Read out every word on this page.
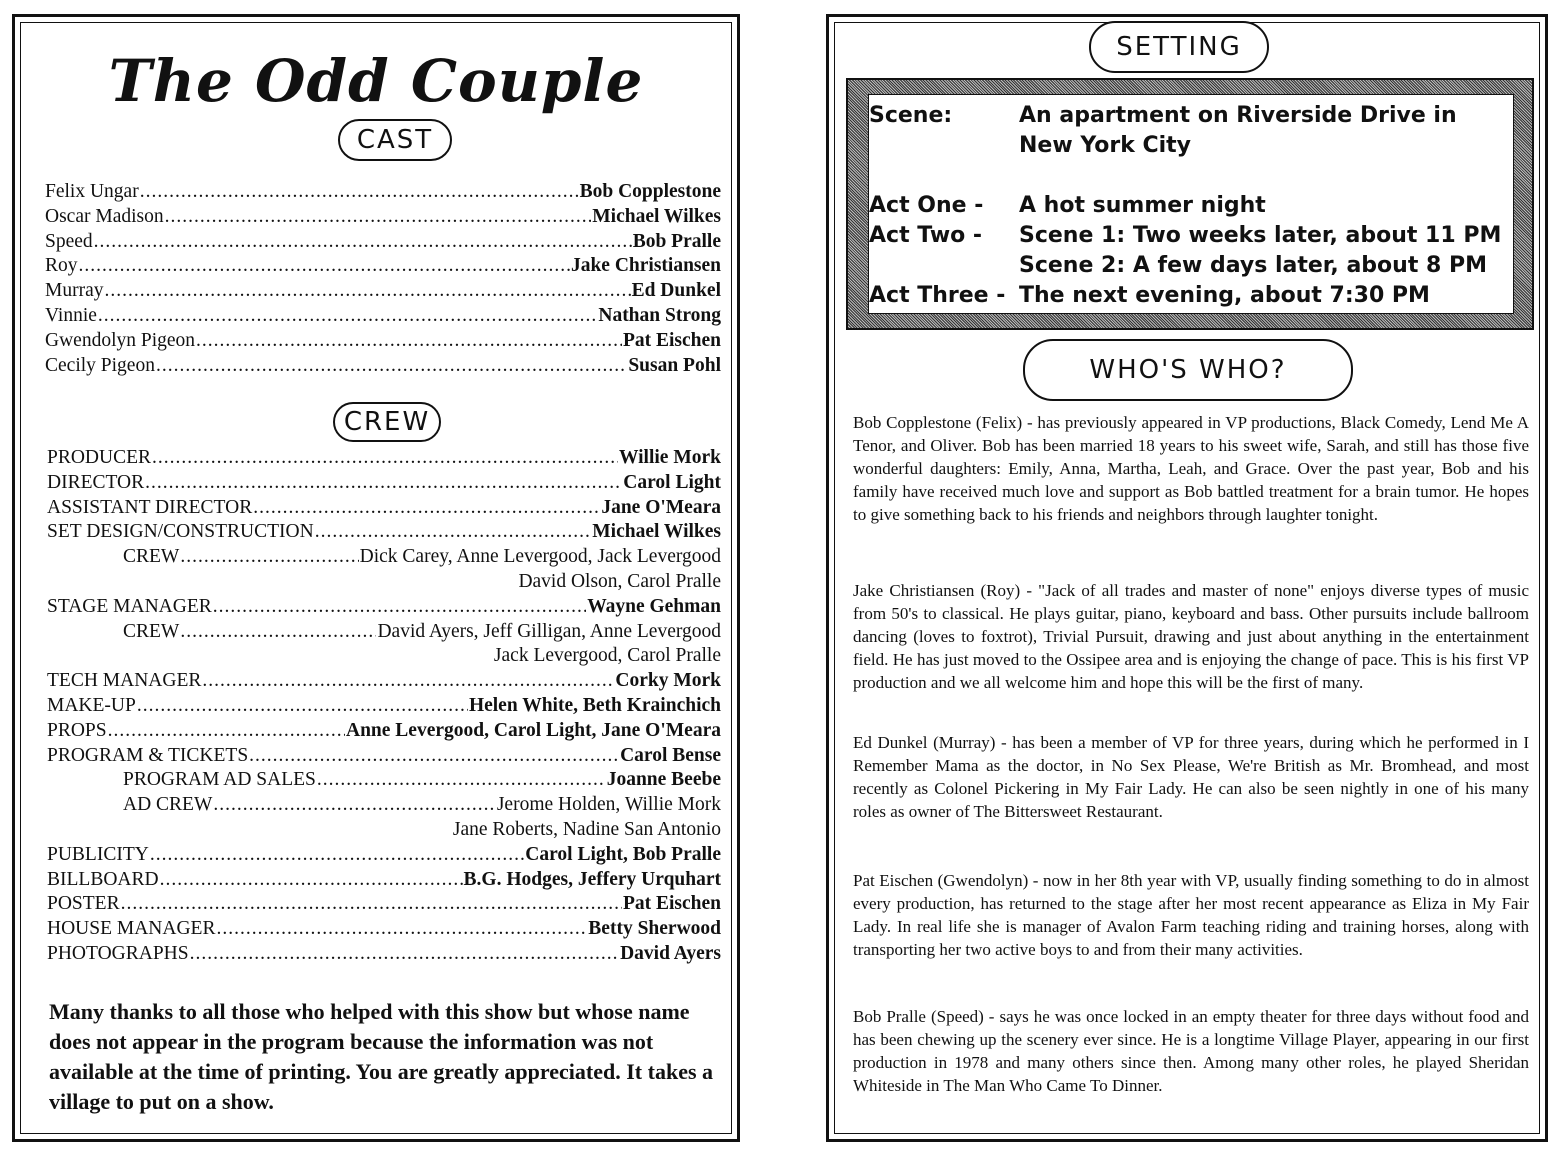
The Odd Couple
CAST
Felix Ungar .....	Bob Copplestone
Oscar Madison .....	Michael Wilkes
Speed .....	Bob Pralle
Roy .....	Jake Christiansen
Murray .....	Ed Dunkel
Vinnie .....	Nathan Strong
Gwendolyn Pigeon .....	Pat Eischen
Cecily Pigeon .....	Susan Pohl
CREW
PRODUCER .....	Willie Mork
DIRECTOR .....	Carol Light
ASSISTANT DIRECTOR .....	Jane O'Meara
SET DESIGN/CONSTRUCTION .....	Michael Wilkes
CREW .....	Dick Carey, Anne Levergood, Jack Levergood
David Olson, Carol Pralle
STAGE MANAGER .....	Wayne Gehman
CREW .....	David Ayers, Jeff Gilligan, Anne Levergood
Jack Levergood, Carol Pralle
TECH MANAGER .....	Corky Mork
MAKE-UP .....	Helen White, Beth Krainchich
PROPS .....	Anne Levergood, Carol Light, Jane O'Meara
PROGRAM & TICKETS .....	Carol Bense
PROGRAM AD SALES .....	Joanne Beebe
AD CREW .....	Jerome Holden, Willie Mork
Jane Roberts, Nadine San Antonio
PUBLICITY .....	Carol Light, Bob Pralle
BILLBOARD .....	B.G. Hodges, Jeffery Urquhart
POSTER .....	Pat Eischen
HOUSE MANAGER .....	Betty Sherwood
PHOTOGRAPHS .....	David Ayers
Many thanks to all those who helped with this show but whose name does not appear in the program because the information was not available at the time of printing. You are greatly appreciated. It takes a village to put on a show.
Scene:	An apartment on Riverside Drive in
New York City
Act One - A hot summer night
Act Two - Scene 1: Two weeks later, about 11 PM
Scene 2: A few days later, about 8 PM
Act Three - The next evening, about 7:30 PM
SETTING
WHO'S WHO?
Bob Copplestone (Felix) - has previously appeared in VP productions, Black Comedy, Lend Me A Tenor, and Oliver. Bob has been married 18 years to his sweet wife, Sarah, and still has those five wonderful daughters: Emily, Anna, Martha, Leah, and Grace. Over the past year, Bob and his family have received much love and support as Bob battled treatment for a brain tumor. He hopes to give something back to his friends and neighbors through laughter tonight.
Jake Christiansen (Roy) - "Jack of all trades and master of none" enjoys diverse types of music from 50's to classical. He plays guitar, piano, keyboard and bass. Other pursuits include ballroom dancing (loves to foxtrot), Trivial Pursuit, drawing and just about anything in the entertainment field. He has just moved to the Ossipee area and is enjoying the change of pace. This is his first VP production and we all welcome him and hope this will be the first of many.
Ed Dunkel (Murray) - has been a member of VP for three years, during which he performed in I Remember Mama as the doctor, in No Sex Please, We're British as Mr. Bromhead, and most recently as Colonel Pickering in My Fair Lady. He can also be seen nightly in one of his many roles as owner of The Bittersweet Restaurant.
Pat Eischen (Gwendolyn) - now in her 8th year with VP, usually finding something to do in almost every production, has returned to the stage after her most recent appearance as Eliza in My Fair Lady. In real life she is manager of Avalon Farm teaching riding and training horses, along with transporting her two active boys to and from their many activities.
Bob Pralle (Speed) - says he was once locked in an empty theater for three days without food and has been chewing up the scenery ever since. He is a longtime Village Player, appearing in our first production in 1978 and many others since then. Among many other roles, he played Sheridan Whiteside in The Man Who Came To Dinner.
